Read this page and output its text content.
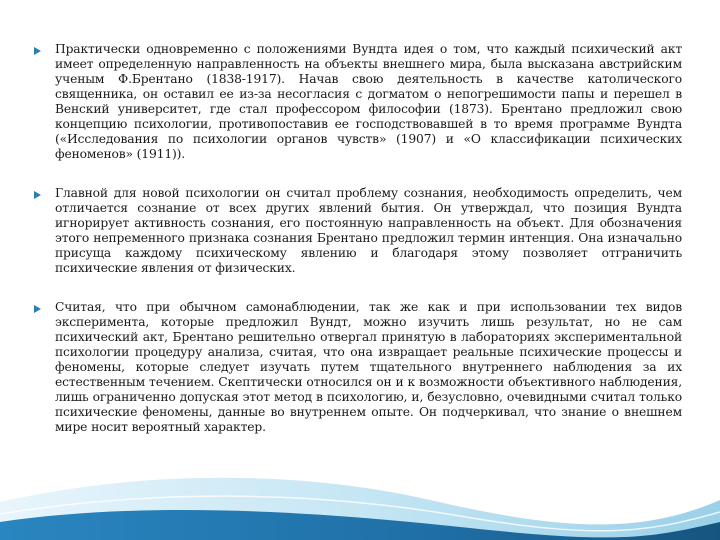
Практически одновременно с положениями Вундта идея о том, что каждый психический акт имеет определенную направленность на объекты внешнего мира, была высказана австрийским ученым Ф.Брентано (1838-1917). Начав свою деятельность в качестве католического священника, он оставил ее из-за несогласия с догматом о непогрешимости папы и перешел в Венский университет, где стал профессором философии (1873). Брентано предложил свою концепцию психологии, противопоставив ее господствовавшей в то время программе Вундта («Исследования по психологии органов чувств» (1907) и «О классификации психических феноменов» (1911)).
Главной для новой психологии он считал проблему сознания, необходимость определить, чем отличается сознание от всех других явлений бытия. Он утверждал, что позиция Вундта игнорирует активность сознания, его постоянную направленность на объект. Для обозначения этого непременного признака сознания Брентано предложил термин интенция. Она изначально присуща каждому психическому явлению и благодаря этому позволяет отграничить психические явления от физических.
Считая, что при обычном самонаблюдении, так же как и при использовании тех видов эксперимента, которые предложил Вундт, можно изучить лишь результат, но не сам психический акт, Брентано решительно отвергал принятую в лабораториях экспериментальной психологии процедуру анализа, считая, что она извращает реальные психические процессы и феномены, которые следует изучать путем тщательного внутреннего наблюдения за их естественным течением. Скептически относился он и к возможности объективного наблюдения, лишь ограниченно допуская этот метод в психологию, и, безусловно, очевидными считал только психические феномены, данные во внутреннем опыте. Он подчеркивал, что знание о внешнем мире носит вероятный характер.
